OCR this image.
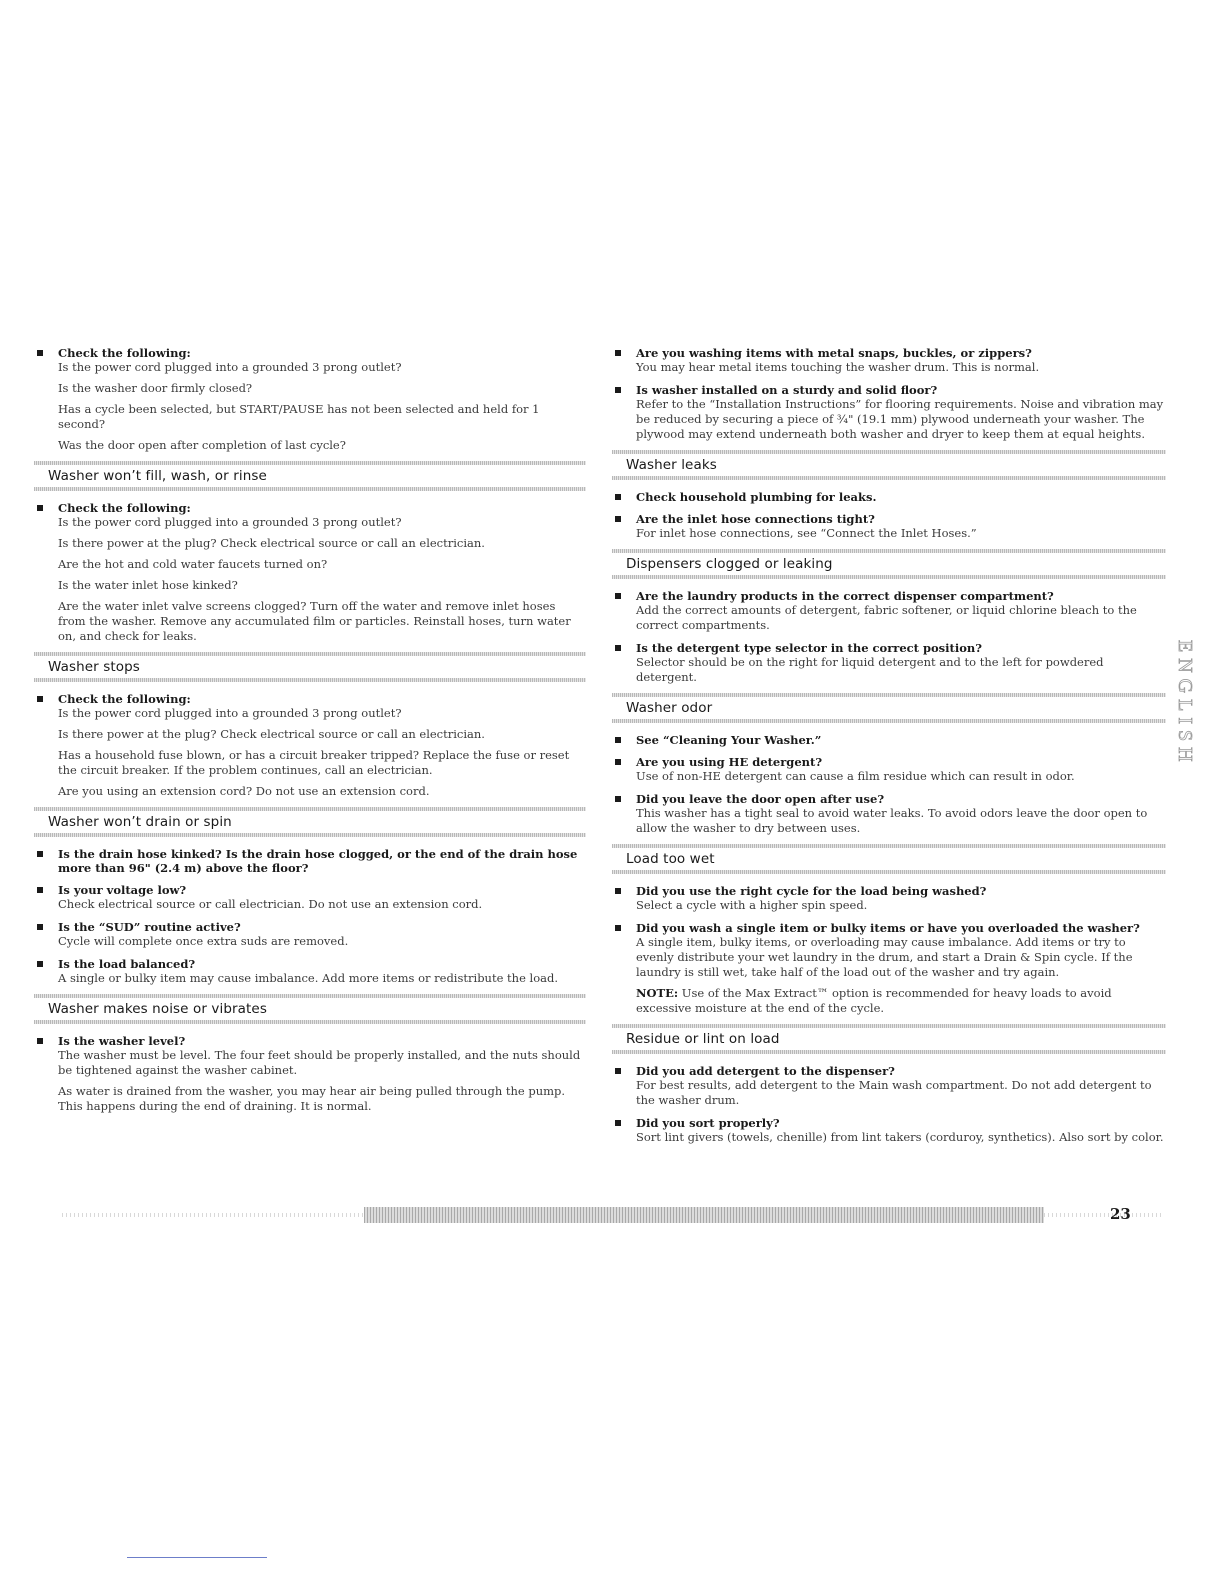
Check the following:
Is the power cord plugged into a grounded 3 prong outlet?
Is the washer door firmly closed?
Has a cycle been selected, but START/PAUSE has not been selected and held for 1 second?
Was the door open after completion of last cycle?
Washer won’t fill, wash, or rinse
Check the following:
Is the power cord plugged into a grounded 3 prong outlet?
Is there power at the plug? Check electrical source or call an electrician.
Are the hot and cold water faucets turned on?
Is the water inlet hose kinked?
Are the water inlet valve screens clogged? Turn off the water and remove inlet hoses from the washer. Remove any accumulated film or particles. Reinstall hoses, turn water on, and check for leaks.
Washer stops
Check the following:
Is the power cord plugged into a grounded 3 prong outlet?
Is there power at the plug? Check electrical source or call an electrician.
Has a household fuse blown, or has a circuit breaker tripped? Replace the fuse or reset the circuit breaker. If the problem continues, call an electrician.
Are you using an extension cord? Do not use an extension cord.
Washer won’t drain or spin
Is the drain hose kinked? Is the drain hose clogged, or the end of the drain hose more than 96" (2.4 m) above the floor?
Is your voltage low?
Check electrical source or call electrician. Do not use an extension cord.
Is the “SUD” routine active?
Cycle will complete once extra suds are removed.
Is the load balanced?
A single or bulky item may cause imbalance. Add more items or redistribute the load.
Washer makes noise or vibrates
Is the washer level?
The washer must be level. The four feet should be properly installed, and the nuts should be tightened against the washer cabinet.
As water is drained from the washer, you may hear air being pulled through the pump. This happens during the end of draining. It is normal.
Are you washing items with metal snaps, buckles, or zippers?
You may hear metal items touching the washer drum. This is normal.
Is washer installed on a sturdy and solid floor?
Refer to the “Installation Instructions” for flooring requirements. Noise and vibration may be reduced by securing a piece of ¾" (19.1 mm) plywood underneath your washer. The plywood may extend underneath both washer and dryer to keep them at equal heights.
Washer leaks
Check household plumbing for leaks.
Are the inlet hose connections tight?
For inlet hose connections, see “Connect the Inlet Hoses.”
Dispensers clogged or leaking
Are the laundry products in the correct dispenser compartment?
Add the correct amounts of detergent, fabric softener, or liquid chlorine bleach to the correct compartments.
Is the detergent type selector in the correct position?
Selector should be on the right for liquid detergent and to the left for powdered detergent.
Washer odor
See “Cleaning Your Washer.”
Are you using HE detergent?
Use of non-HE detergent can cause a film residue which can result in odor.
Did you leave the door open after use?
This washer has a tight seal to avoid water leaks. To avoid odors leave the door open to allow the washer to dry between uses.
Load too wet
Did you use the right cycle for the load being washed?
Select a cycle with a higher spin speed.
Did you wash a single item or bulky items or have you overloaded the washer?
A single item, bulky items, or overloading may cause imbalance. Add items or try to evenly distribute your wet laundry in the drum, and start a Drain & Spin cycle. If the laundry is still wet, take half of the load out of the washer and try again.
NOTE: Use of the Max Extract™ option is recommended for heavy loads to avoid excessive moisture at the end of the cycle.
Residue or lint on load
Did you add detergent to the dispenser?
For best results, add detergent to the Main wash compartment. Do not add detergent to the washer drum.
Did you sort properly?
Sort lint givers (towels, chenille) from lint takers (corduroy, synthetics). Also sort by color.
ENGLISH
23
